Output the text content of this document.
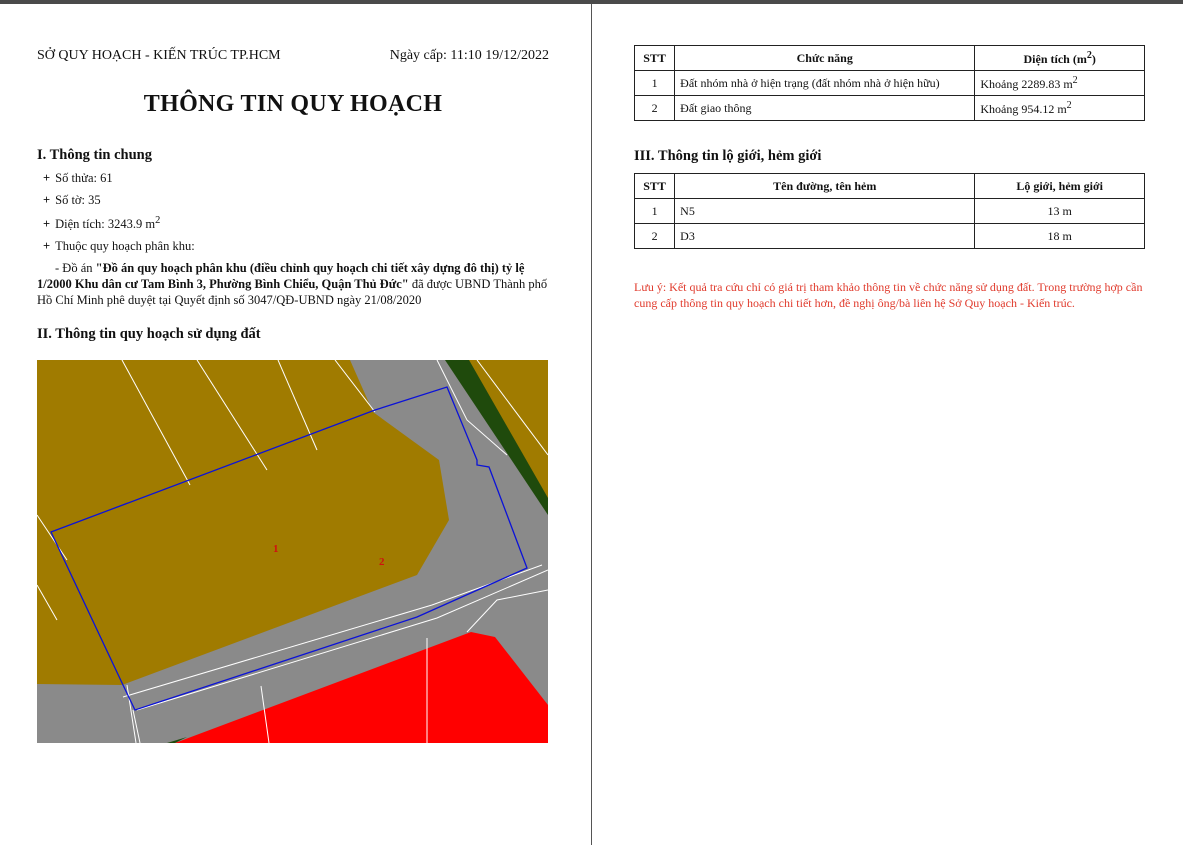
SỞ QUY HOẠCH - KIẾN TRÚC TP.HCM	Ngày cấp: 11:10 19/12/2022
THÔNG TIN QUY HOẠCH
I. Thông tin chung
+ Số thửa: 61
+ Số tờ: 35
+ Diện tích: 3243.9 $m^2$
+ Thuộc quy hoạch phân khu:
- Đồ án "Đồ án quy hoạch phân khu (điều chỉnh quy hoạch chi tiết xây dựng đô thị) tỷ lệ 1/2000 Khu dân cư Tam Bình 3, Phường Bình Chiểu, Quận Thủ Đức" đã được UBND Thành phố Hồ Chí Minh phê duyệt tại Quyết định số 3047/QĐ-UBND ngày 21/08/2020
II. Thông tin quy hoạch sử dụng đất
1
2
STT	Chức năng	Diện tích $(m^2)$
1	Đất nhóm nhà ở hiện trạng (đất nhóm nhà ở hiện hữu)	Khoảng 2289.83 $m^2$
2	Đất giao thông	Khoảng 954.12 $m^2$
III. Thông tin lộ giới, hẻm giới
STT	Tên đường, tên hẻm	Lộ giới, hẻm giới
1	N5	13 m
2	D3	18 m
Lưu ý: Kết quả tra cứu chỉ có giá trị tham khảo thông tin về chức năng sử dụng đất. Trong trường hợp cần cung cấp thông tin quy hoạch chi tiết hơn, đề nghị ông/bà liên hệ Sở Quy hoạch - Kiến trúc.
